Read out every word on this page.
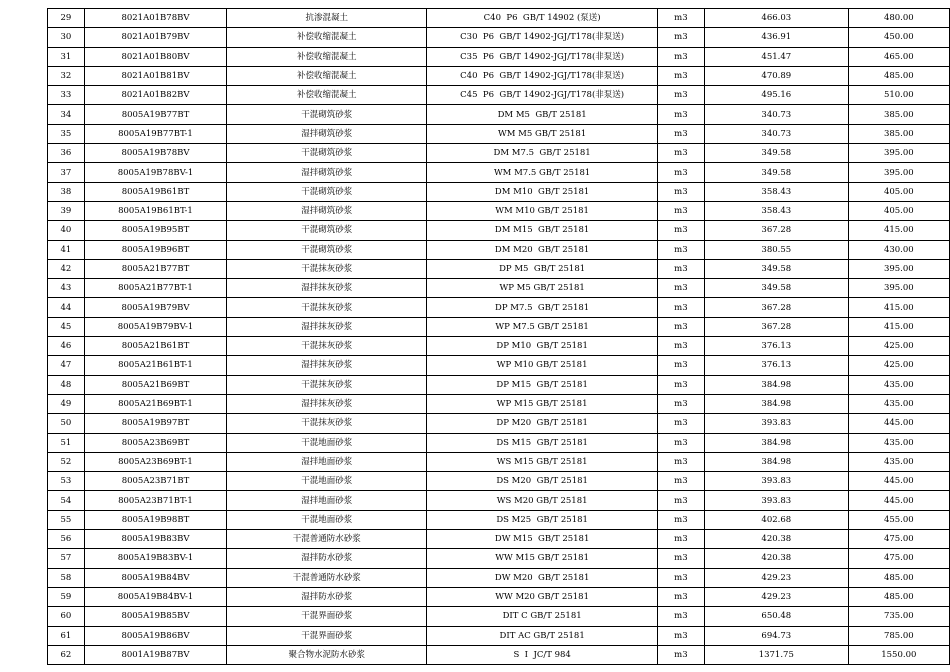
29	8021A01B78BV	抗渗混凝土	C40  P6  GB/T 14902 (泵送)	m3	466.03	480.00
30	8021A01B79BV	补偿收缩混凝土	C30  P6  GB/T 14902-JGJ/T178(非泵送)	m3	436.91	450.00
31	8021A01B80BV	补偿收缩混凝土	C35  P6  GB/T 14902-JGJ/T178(非泵送)	m3	451.47	465.00
32	8021A01B81BV	补偿收缩混凝土	C40  P6  GB/T 14902-JGJ/T178(非泵送)	m3	470.89	485.00
33	8021A01B82BV	补偿收缩混凝土	C45  P6  GB/T 14902-JGJ/T178(非泵送)	m3	495.16	510.00
34	8005A19B77BT	干混砌筑砂浆	DM M5  GB/T 25181	m3	340.73	385.00
35	8005A19B77BT-1	湿拌砌筑砂浆	WM M5 GB/T 25181	m3	340.73	385.00
36	8005A19B78BV	干混砌筑砂浆	DM M7.5  GB/T 25181	m3	349.58	395.00
37	8005A19B78BV-1	湿拌砌筑砂浆	WM M7.5 GB/T 25181	m3	349.58	395.00
38	8005A19B61BT	干混砌筑砂浆	DM M10  GB/T 25181	m3	358.43	405.00
39	8005A19B61BT-1	湿拌砌筑砂浆	WM M10 GB/T 25181	m3	358.43	405.00
40	8005A19B95BT	干混砌筑砂浆	DM M15  GB/T 25181	m3	367.28	415.00
41	8005A19B96BT	干混砌筑砂浆	DM M20  GB/T 25181	m3	380.55	430.00
42	8005A21B77BT	干混抹灰砂浆	DP M5  GB/T 25181	m3	349.58	395.00
43	8005A21B77BT-1	湿拌抹灰砂浆	WP M5 GB/T 25181	m3	349.58	395.00
44	8005A19B79BV	干混抹灰砂浆	DP M7.5  GB/T 25181	m3	367.28	415.00
45	8005A19B79BV-1	湿拌抹灰砂浆	WP M7.5 GB/T 25181	m3	367.28	415.00
46	8005A21B61BT	干混抹灰砂浆	DP M10  GB/T 25181	m3	376.13	425.00
47	8005A21B61BT-1	湿拌抹灰砂浆	WP M10 GB/T 25181	m3	376.13	425.00
48	8005A21B69BT	干混抹灰砂浆	DP M15  GB/T 25181	m3	384.98	435.00
49	8005A21B69BT-1	湿拌抹灰砂浆	WP M15 GB/T 25181	m3	384.98	435.00
50	8005A19B97BT	干混抹灰砂浆	DP M20  GB/T 25181	m3	393.83	445.00
51	8005A23B69BT	干混地面砂浆	DS M15  GB/T 25181	m3	384.98	435.00
52	8005A23B69BT-1	湿拌地面砂浆	WS M15 GB/T 25181	m3	384.98	435.00
53	8005A23B71BT	干混地面砂浆	DS M20  GB/T 25181	m3	393.83	445.00
54	8005A23B71BT-1	湿拌地面砂浆	WS M20 GB/T 25181	m3	393.83	445.00
55	8005A19B98BT	干混地面砂浆	DS M25  GB/T 25181	m3	402.68	455.00
56	8005A19B83BV	干混普通防水砂浆	DW M15  GB/T 25181	m3	420.38	475.00
57	8005A19B83BV-1	湿拌防水砂浆	WW M15 GB/T 25181	m3	420.38	475.00
58	8005A19B84BV	干混普通防水砂浆	DW M20  GB/T 25181	m3	429.23	485.00
59	8005A19B84BV-1	湿拌防水砂浆	WW M20 GB/T 25181	m3	429.23	485.00
60	8005A19B85BV	干混界面砂浆	DIT C GB/T 25181	m3	650.48	735.00
61	8005A19B86BV	干混界面砂浆	DIT AC GB/T 25181	m3	694.73	785.00
62	8001A19B87BV	聚合物水泥防水砂浆	S  I  JC/T 984	m3	1371.75	1550.00
